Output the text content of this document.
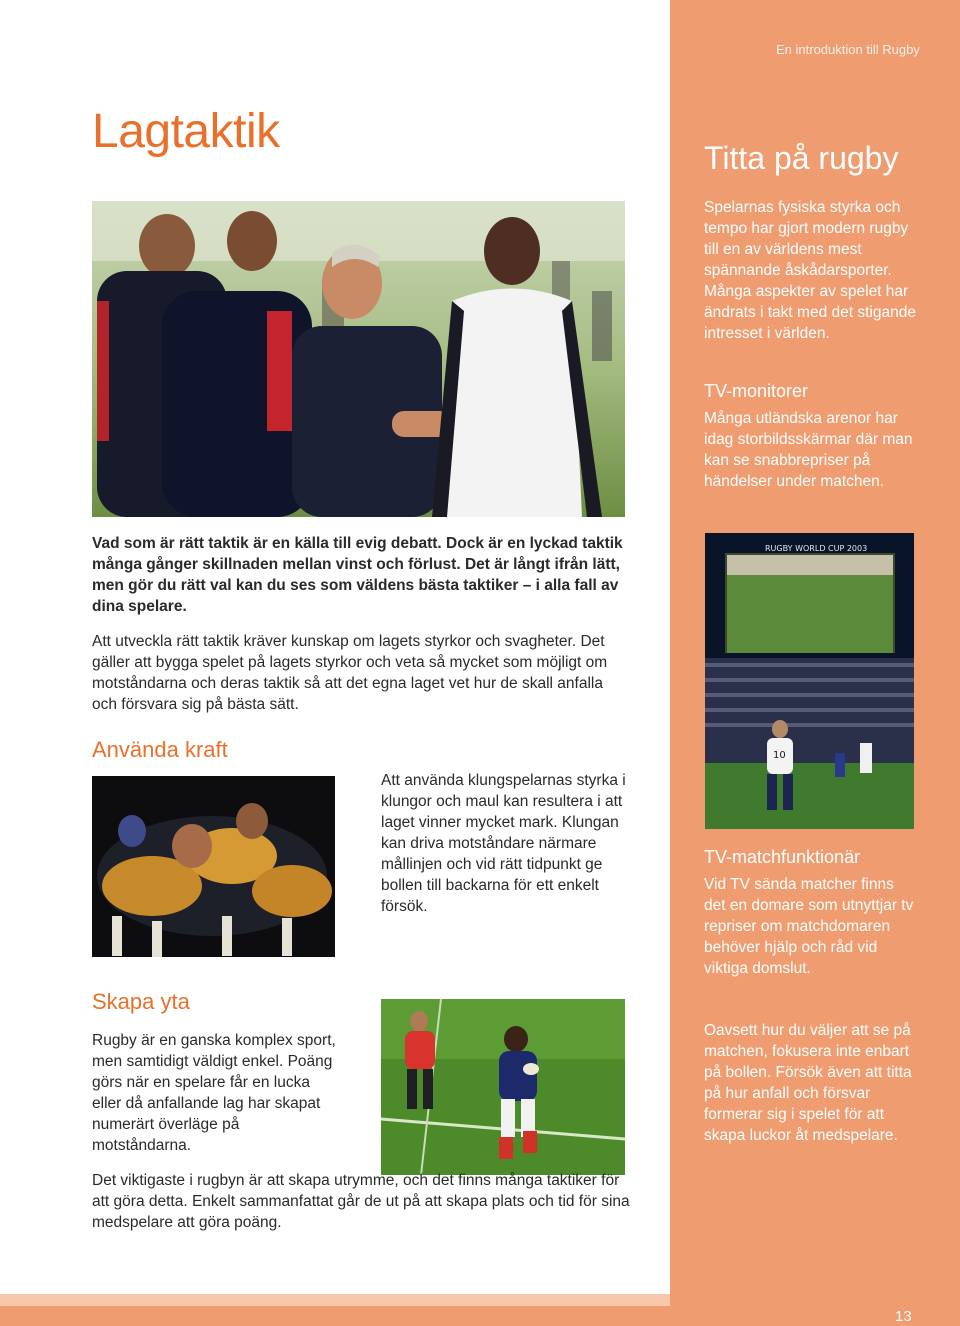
En introduktion till Rugby
13
Lagtaktik

Vad som är rätt taktik är en källa till evig debatt. Dock är en lyckad taktik många gånger skillnaden mellan vinst och förlust. Det är långt ifrån lätt, men gör du rätt val kan du ses som väldens bästa taktiker – i alla fall av dina spelare.

Att utveckla rätt taktik kräver kunskap om lagets styrkor och svagheter. Det gäller att bygga spelet på lagets styrkor och veta så mycket som möjligt om motståndarna och deras taktik så att det egna laget vet hur de skall anfalla och försvara sig på bästa sätt.

Använda kraft

Att använda klungspelarnas styrka i klungor och maul kan resultera i att laget vinner mycket mark. Klungan kan driva motståndare närmare mållinjen och vid rätt tidpunkt ge bollen till backarna för ett enkelt försök.

Skapa yta

Rugby är en ganska komplex sport, men samtidigt väldigt enkel. Poäng görs när en spelare får en lucka eller då anfallande lag har skapat numerärt överläge på motståndarna.

Det viktigaste i rugbyn är att skapa utrymme, och det finns många taktiker för att göra detta. Enkelt sammanfattat går de ut på att skapa plats och tid för sina medspelare att göra poäng.

Titta på rugby

Spelarnas fysiska styrka och tempo har gjort modern rugby till en av världens mest spännande åskådarsporter. Många aspekter av spelet har ändrats i takt med det stigande intresset i världen.

TV-monitorer

Många utländska arenor har idag storbildsskärmar där man kan se snabbrepriser på händelser under matchen.

RUGBY WORLD CUP 2003
10
TV-matchfunktionär

Vid TV sända matcher finns det en domare som utnyttjar tv repriser om matchdomaren behöver hjälp och råd vid viktiga domslut.

Oavsett hur du väljer att se på matchen, fokusera inte enbart på bollen. Försök även att titta på hur anfall och försvar formerar sig i spelet för att skapa luckor åt medspelare.
